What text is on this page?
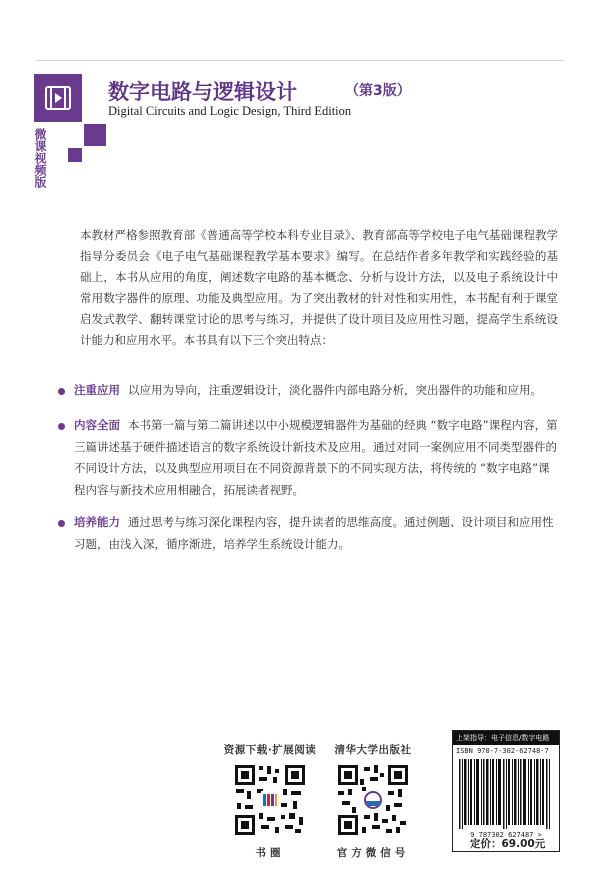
微课视频版
数字电路与逻辑设计	（第3版）
Digital Circuits and Logic Design, Third Edition

本教材严格参照教育部《普通高等学校本科专业目录》、教育部高等学校电子电气基础课程教学指导分委员会《电子电气基础课程教学基本要求》编写。在总结作者多年教学和实践经验的基础上，本书从应用的角度，阐述数字电路的基本概念、分析与设计方法，以及电子系统设计中常用数字器件的原理、功能及典型应用。为了突出教材的针对性和实用性，本书配有利于课堂启发式教学、翻转课堂讨论的思考与练习，并提供了设计项目及应用性习题，提高学生系统设计能力和应用水平。本书具有以下三个突出特点：

注重应用 以应用为导向，注重逻辑设计，淡化器件内部电路分析，突出器件的功能和应用。
内容全面 本书第一篇与第二篇讲述以中小规模逻辑器件为基础的经典 “数字电路”课程内容，第三篇讲述基于硬件描述语言的数字系统设计新技术及应用。通过对同一案例应用不同类型器件的不同设计方法，以及典型应用项目在不同资源背景下的不同实现方法，将传统的 “数字电路”课程内容与新技术应用相融合，拓展读者视野。
培养能力 通过思考与练习深化课程内容，提升读者的思维高度。通过例题、设计项目和应用性习题，由浅入深，循序渐进，培养学生系统设计能力。
资源下载·扩展阅读
书圈
清华大学出版社
官方微信号
上架指导：电子信息/数字电路
ISBN 978-7-302-62748-7
9 787302 627487 >
定价：69.00元
